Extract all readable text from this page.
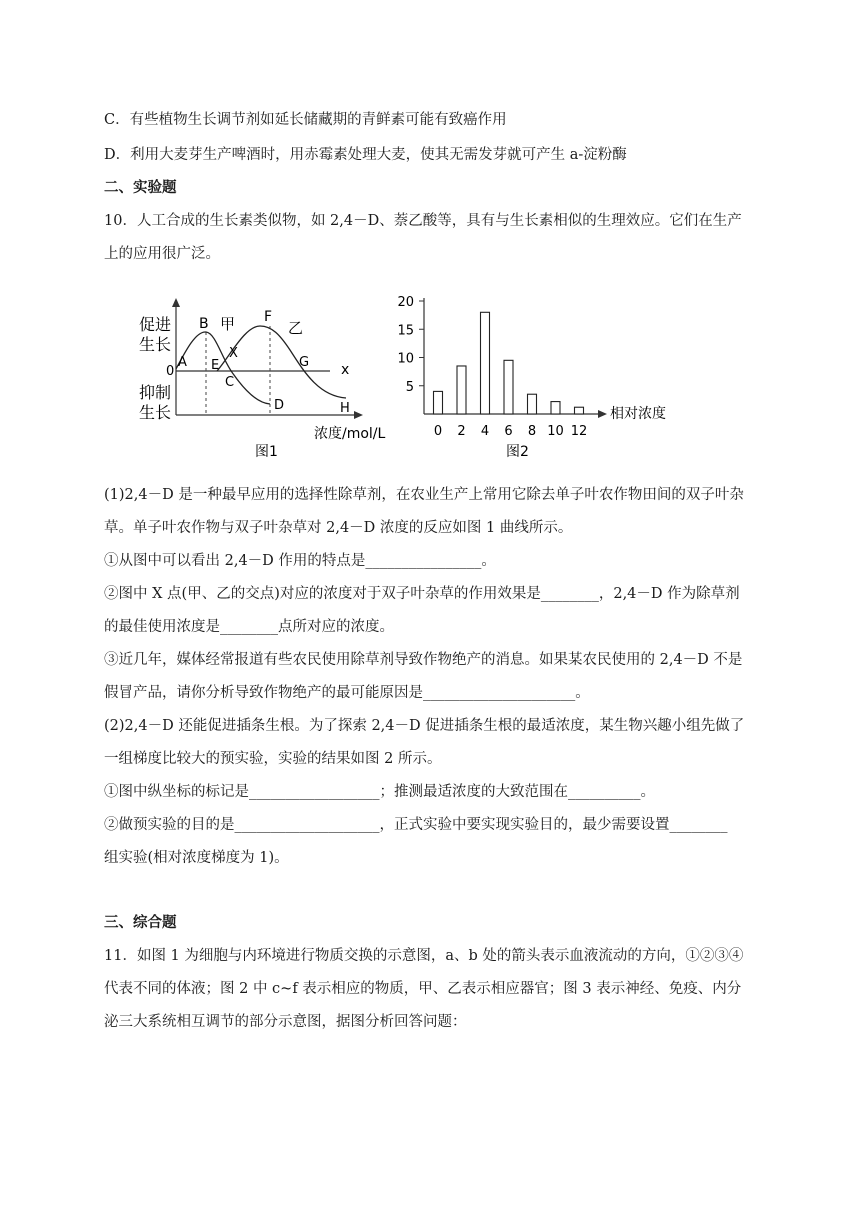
C．有些植物生长调节剂如延长储藏期的青鲜素可能有致癌作用
D．利用大麦芽生产啤酒时，用赤霉素处理大麦，使其无需发芽就可产生 a-淀粉酶
二、实验题
10．人工合成的生长素类似物，如 2,4－D、萘乙酸等，具有与生长素相似的生理效应。它们在生产
上的应用很广泛。
(1)2,4－D 是一种最早应用的选择性除草剂，在农业生产上常用它除去单子叶农作物田间的双子叶杂
草。单子叶农作物与双子叶杂草对 2,4－D 浓度的反应如图 1 曲线所示。
①从图中可以看出 2,4－D 作用的特点是________________。
②图中 X 点(甲、乙的交点)对应的浓度对于双子叶杂草的作用效果是________，2,4－D 作为除草剂
的最佳使用浓度是________点所对应的浓度。
③近几年，媒体经常报道有些农民使用除草剂导致作物绝产的消息。如果某农民使用的 2,4－D 不是
假冒产品，请你分析导致作物绝产的最可能原因是_____________________。
(2)2,4－D 还能促进插条生根。为了探索 2,4－D 促进插条生根的最适浓度，某生物兴趣小组先做了
一组梯度比较大的预实验，实验的结果如图 2 所示。
①图中纵坐标的标记是__________________；推测最适浓度的大致范围在__________。
②做预实验的目的是____________________，正式实验中要实现实验目的，最少需要设置________
组实验(相对浓度梯度为 1)。
三、综合题
11．如图 1 为细胞与内环境进行物质交换的示意图，a、b 处的箭头表示血液流动的方向，①②③④
代表不同的体液；图 2 中 c~f 表示相应的物质，甲、乙表示相应器官；图 3 表示神经、免疫、内分
泌三大系统相互调节的部分示意图，据图分析回答问题：
促进
生长
抑制
生长
0	x
A
B 甲
X
E
C
D
F
乙
G
H
浓度/mol/L
图1
相对浓度
图2
5
10
15
20
0 2 4 6 8 10 12
